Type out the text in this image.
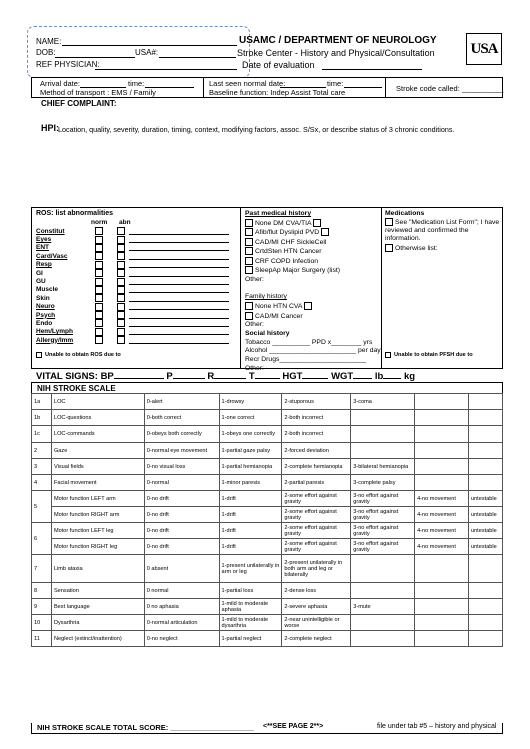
NAME:
DOB:	USA#:
REF PHYSICIAN:
USAMC / DEPARTMENT OF NEUROLOGY
Stroke Center - History and Physical/Consultation
Date of evaluation
USA
Arrival date:	time:
Method of transport : EMS / Family
Last seen normal date:	time:
Baseline function: Indep Assist Total care	Stroke code called: __________
CHIEF COMPLAINT:
HPI: Location, quality, severity, duration, timing, context, modifying factors, assoc. S/Sx, or describe status of 3 chronic conditions.
ROS: list abnormalities
norm abn
Constitut
Eyes
ENT
Card/Vasc
Resp
GI
GU
Muscle
Skin
Neuro
Psych
Endo
Hem/Lymph
Allergy/Imm
Unable to obtain ROS due to
Past medical history
None DM CVA/TIA
Afib/flut Dyslipid PVD
CAD/MI CHF SickleCell
CrtdSten HTN Cancer
CRF COPD Infection
SleepAp Major Surgery (list)
Other:
Family history
None HTN CVA
CAD/MI Cancer
Other:
Social history
Tobacco __________ PPD x________ yrs
Alcohol _______________________ per day
Recr Drugs_______________________
Other:
Medications
See "Medication List Form"; I have reviewed and confirmed the information.
Otherwise list:
Unable to obtain PFSH due to
VITAL SIGNS: BP	P	R	T	HGT	WGT lb kg
NIH STROKE SCALE
1a	LOC	0-alert	1-drowsy	2-stuporous	3-coma		
1b	LOC-questions	0-both correct	1-one correct	2-both incorrect			
1c	LOC-commands	0-obeys both correctly	1-obeys one correctly	2-both incorrect			
2	Gaze	0-normal eye movement	1-partial gaze palsy	2-forced deviation			
3	Visual fields	0-no visual loss	1-partial hemianopia	2-complete hemianopia	3-bilateral hemianopia		
4	Facial movement	0-normal	1-minor paresis	2-partial paresis	3-complete palsy		
5	Motor function LEFT arm	0-no drift	1-drift	2-some effort against gravity	3-no effort against gravity	4-no movement	untestable
	Motor function RIGHT arm	0-no drift	1-drift	2-some effort against gravity	3-no effort against gravity	4-no movement	untestable
6	Motor function LEFT leg	0-no drift	1-drift	2-some effort against gravity	3-no effort against gravity	4-no movement	untestable
	Motor function RIGHT leg	0-no drift	1-drift	2-some effort against gravity	3-no effort against gravity	4-no movement	untestable
7	Limb ataxia	0 absent	1-present unilaterally in arm or leg	2-present unilaterally in both arm and leg or bilaterally			
8	Sensation	0 normal	1-partial loss	2-dense loss			
9	Best language	0 no aphasia	1-mild to moderate aphasia	2-severe aphasia	3-mute		
10	Dysarthria	0-normal articulation	1-mild to moderate dysarthria	2-near unintelligible or worse			
11	Neglect (extinct/inattention)	0-no neglect	1-partial neglect	2-complete neglect			
NIH STROKE SCALE TOTAL SCORE: ____________________ <**SEE PAGE 2**>	file under tab #5 – history and physical
